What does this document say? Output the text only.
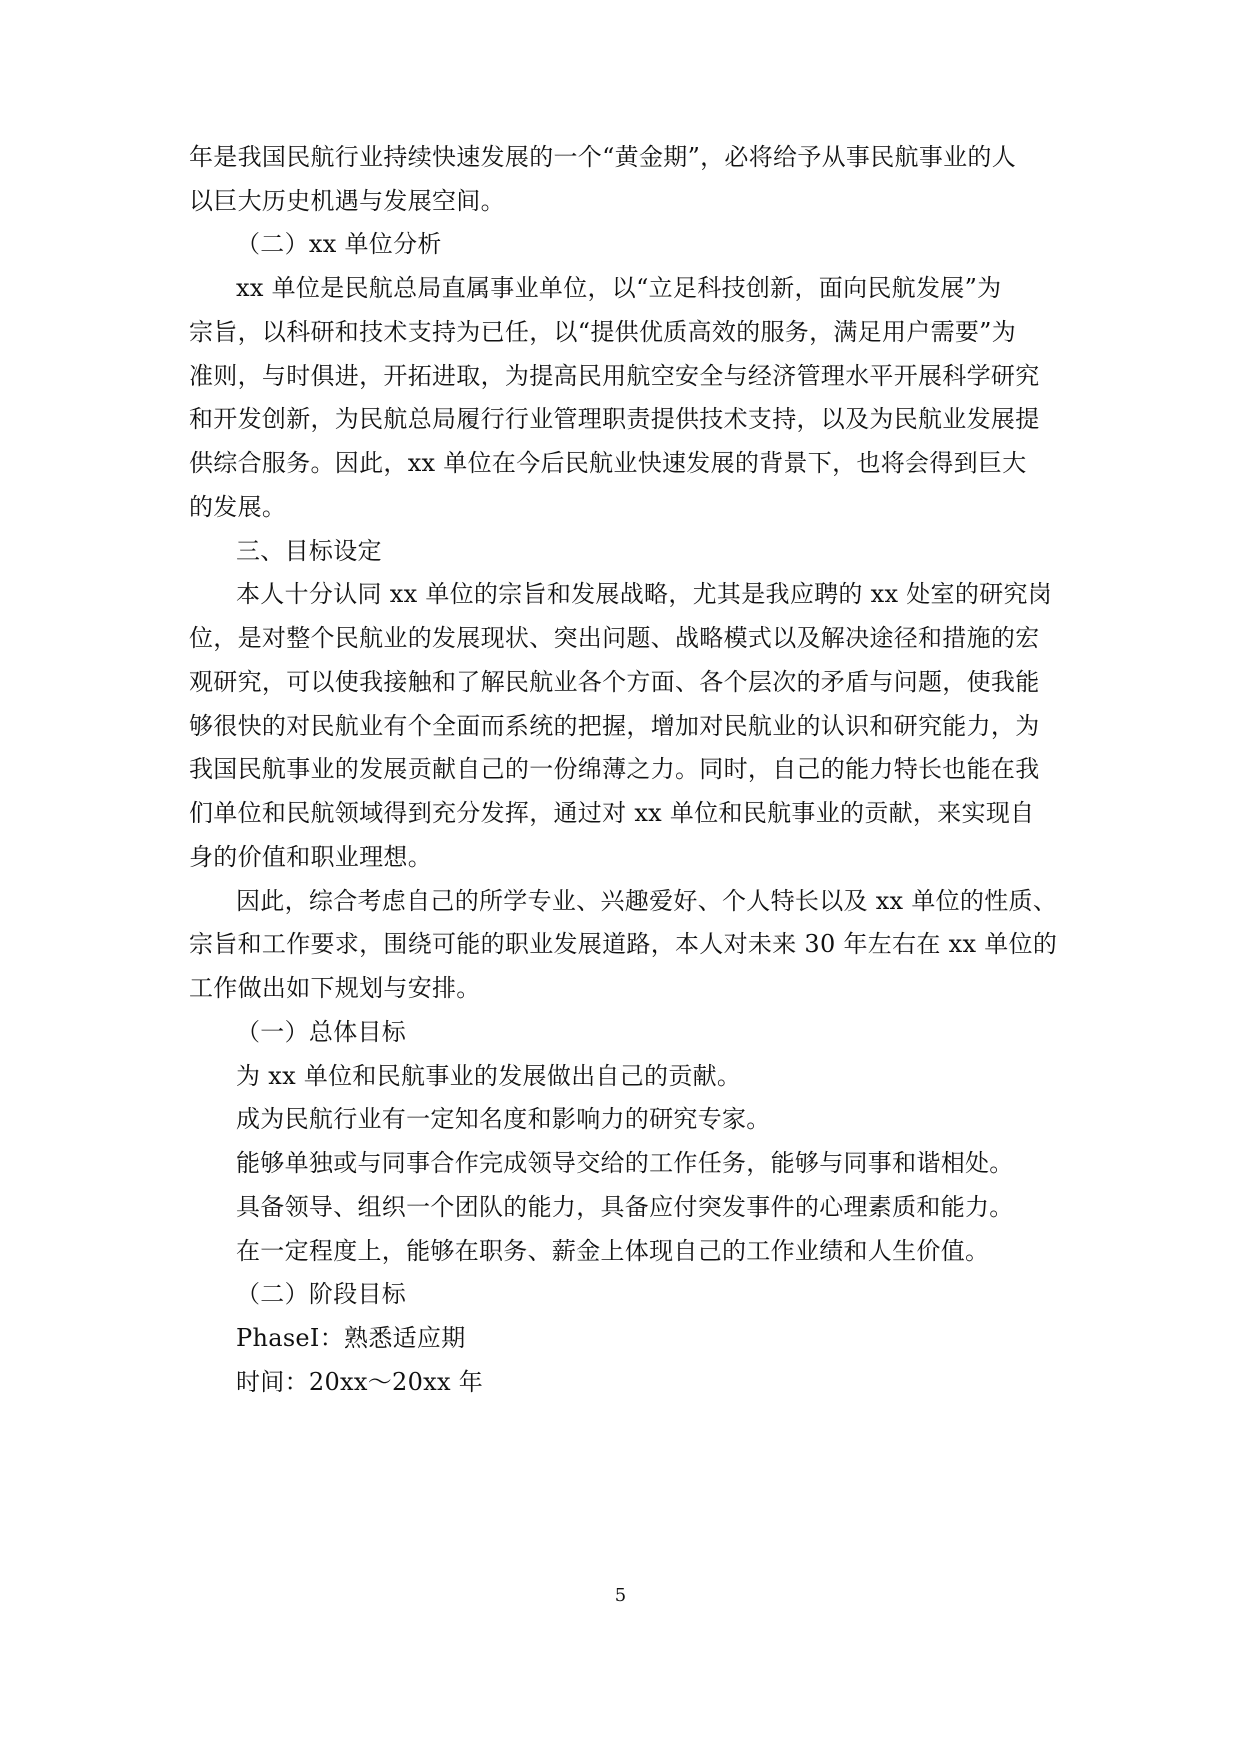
年是我国民航行业持续快速发展的一个“黄金期”，必将给予从事民航事业的人
以巨大历史机遇与发展空间。
（二）xx 单位分析
xx 单位是民航总局直属事业单位，以“立足科技创新，面向民航发展”为
宗旨，以科研和技术支持为已任，以“提供优质高效的服务，满足用户需要”为
准则，与时俱进，开拓进取，为提高民用航空安全与经济管理水平开展科学研究
和开发创新，为民航总局履行行业管理职责提供技术支持，以及为民航业发展提
供综合服务。因此，xx 单位在今后民航业快速发展的背景下，也将会得到巨大
的发展。
三、目标设定
本人十分认同 xx 单位的宗旨和发展战略，尤其是我应聘的 xx 处室的研究岗
位，是对整个民航业的发展现状、突出问题、战略模式以及解决途径和措施的宏
观研究，可以使我接触和了解民航业各个方面、各个层次的矛盾与问题，使我能
够很快的对民航业有个全面而系统的把握，增加对民航业的认识和研究能力，为
我国民航事业的发展贡献自己的一份绵薄之力。同时，自己的能力特长也能在我
们单位和民航领域得到充分发挥，通过对 xx 单位和民航事业的贡献，来实现自
身的价值和职业理想。
因此，综合考虑自己的所学专业、兴趣爱好、个人特长以及 xx 单位的性质、
宗旨和工作要求，围绕可能的职业发展道路，本人对未来 30 年左右在 xx 单位的
工作做出如下规划与安排。
（一）总体目标
为 xx 单位和民航事业的发展做出自己的贡献。
成为民航行业有一定知名度和影响力的研究专家。
能够单独或与同事合作完成领导交给的工作任务，能够与同事和谐相处。
具备领导、组织一个团队的能力，具备应付突发事件的心理素质和能力。
在一定程度上，能够在职务、薪金上体现自己的工作业绩和人生价值。
（二）阶段目标
PhaseⅠ：熟悉适应期
时间：20xx～20xx 年
5
